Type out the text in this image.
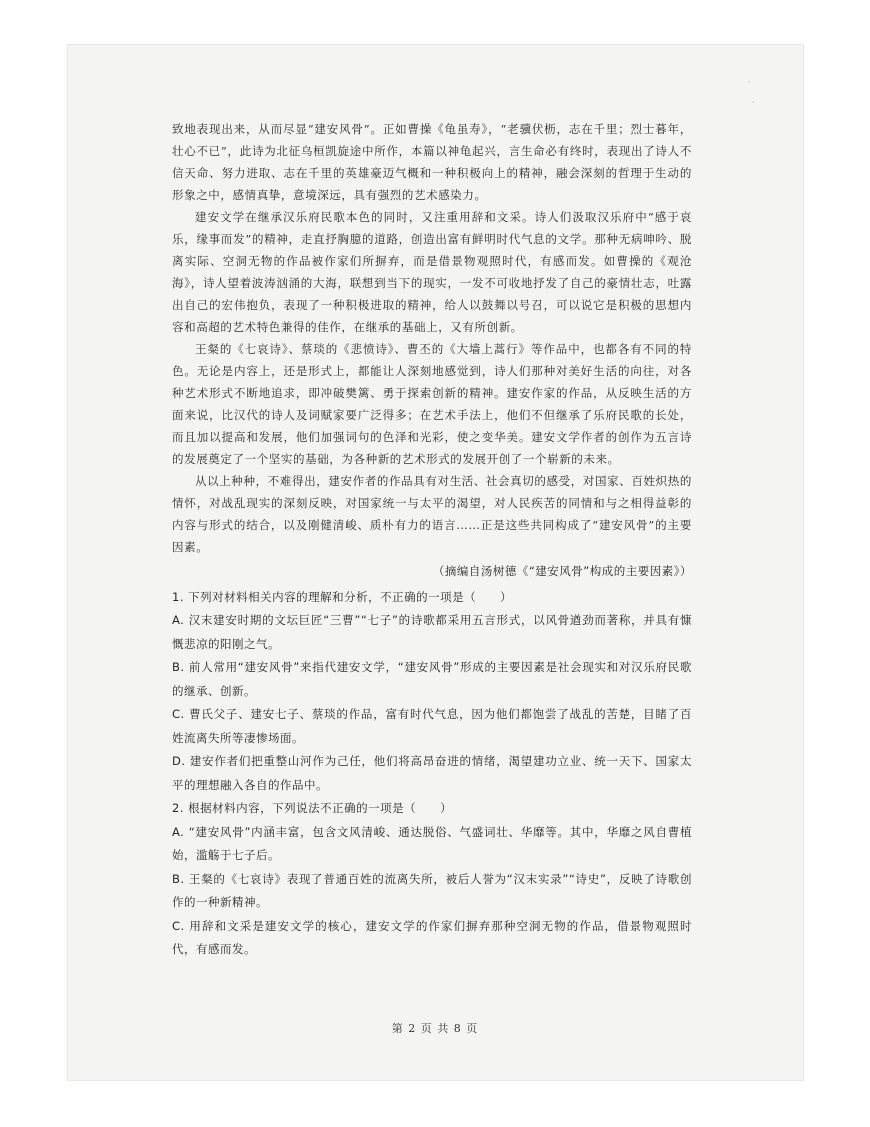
·
·

致地表现出来，从而尽显“建安风骨”。正如曹操《龟虽寿》，“老骥伏枥，志在千里；烈士暮年，壮心不已”，此诗为北征乌桓凯旋途中所作，本篇以神龟起兴，言生命必有终时，表现出了诗人不信天命、努力进取、志在千里的英雄豪迈气概和一种积极向上的精神，融会深刻的哲理于生动的形象之中，感情真挚，意境深远，具有强烈的艺术感染力。

建安文学在继承汉乐府民歌本色的同时，又注重用辞和文采。诗人们汲取汉乐府中“感于哀乐，缘事而发”的精神，走直抒胸臆的道路，创造出富有鲜明时代气息的文学。那种无病呻吟、脱离实际、空洞无物的作品被作家们所摒弃，而是借景物观照时代，有感而发。如曹操的《观沧海》，诗人望着波涛汹涌的大海，联想到当下的现实，一发不可收地抒发了自己的豪情壮志，吐露出自己的宏伟抱负，表现了一种积极进取的精神，给人以鼓舞以号召，可以说它是积极的思想内容和高超的艺术特色兼得的佳作，在继承的基础上，又有所创新。

王粲的《七哀诗》、蔡琰的《悲愤诗》、曹丕的《大墙上蒿行》等作品中，也都各有不同的特色。无论是内容上，还是形式上，都能让人深刻地感觉到，诗人们那种对美好生活的向往，对各种艺术形式不断地追求，即冲破樊篱、勇于探索创新的精神。建安作家的作品，从反映生活的方面来说，比汉代的诗人及词赋家要广泛得多；在艺术手法上，他们不但继承了乐府民歌的长处，而且加以提高和发展，他们加强词句的色泽和光彩，使之变华美。建安文学作者的创作为五言诗的发展奠定了一个坚实的基础，为各种新的艺术形式的发展开创了一个崭新的未来。

从以上种种，不难得出，建安作者的作品具有对生活、社会真切的感受，对国家、百姓炽热的情怀，对战乱现实的深刻反映，对国家统一与太平的渴望，对人民疾苦的同情和与之相得益彰的内容与形式的结合，以及刚健清峻、质朴有力的语言……正是这些共同构成了“建安风骨”的主要因素。

（摘编自汤树德《“建安风骨”构成的主要因素》）

1. 下列对材料相关内容的理解和分析，不正确的一项是（　　）

A. 汉末建安时期的文坛巨匠“三曹”“七子”的诗歌都采用五言形式，以风骨遒劲而著称，并具有慷慨悲凉的阳刚之气。

B. 前人常用“建安风骨”来指代建安文学，“建安风骨”形成的主要因素是社会现实和对汉乐府民歌的继承、创新。

C. 曹氏父子、建安七子、蔡琰的作品，富有时代气息，因为他们都饱尝了战乱的苦楚，目睹了百姓流离失所等凄惨场面。

D. 建安作者们把重整山河作为己任，他们将高昂奋进的情绪，渴望建功立业、统一天下、国家太平的理想融入各自的作品中。

2. 根据材料内容，下列说法不正确的一项是（　　）

A. “建安风骨”内涵丰富，包含文风清峻、通达脱俗、气盛词壮、华靡等。其中，华靡之风自曹植始，滥觞于七子后。

B. 王粲的《七哀诗》表现了普通百姓的流离失所，被后人誉为“汉末实录”“诗史”，反映了诗歌创作的一种新精神。

C. 用辞和文采是建安文学的核心，建安文学的作家们摒弃那种空洞无物的作品，借景物观照时代，有感而发。

第 2 页 共 8 页
